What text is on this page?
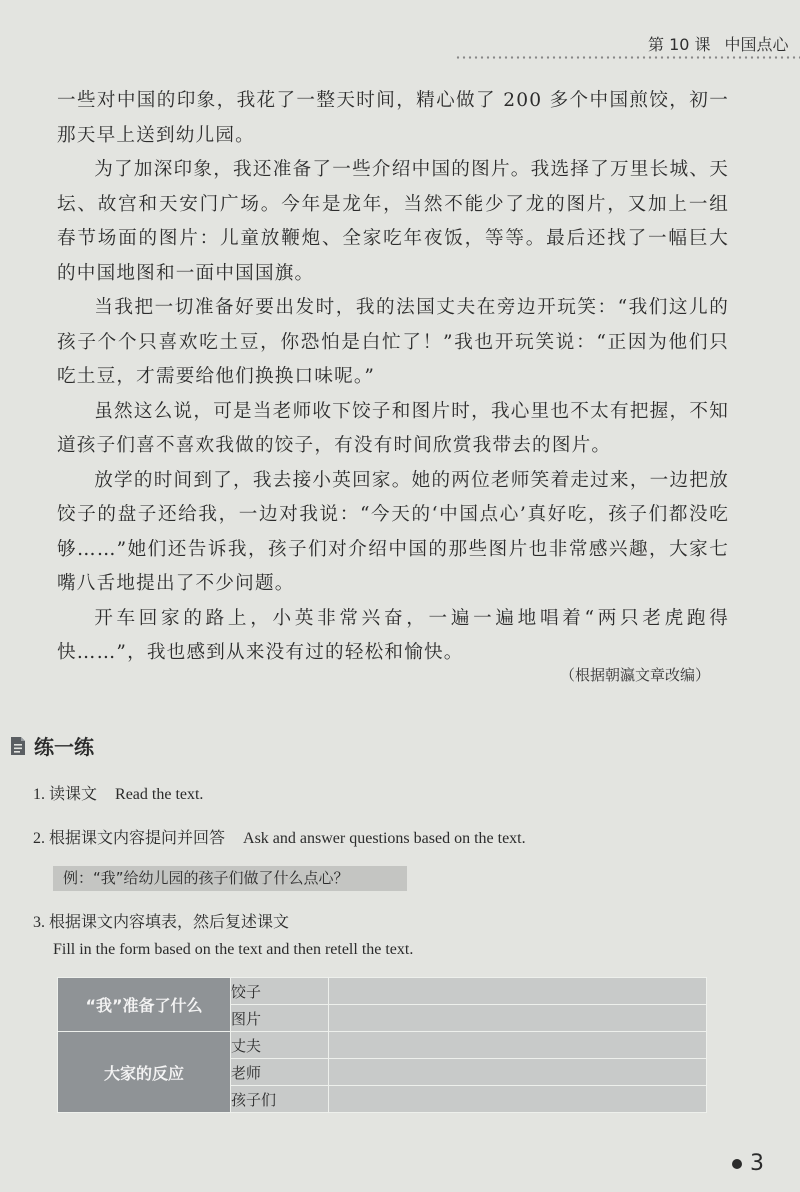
第 10 课 中国点心

一些对中国的印象，我花了一整天时间，精心做了 200 多个中国煎饺，初一那天早上送到幼儿园。

为了加深印象，我还准备了一些介绍中国的图片。我选择了万里长城、天坛、故宫和天安门广场。今年是龙年，当然不能少了龙的图片，又加上一组春节场面的图片：儿童放鞭炮、全家吃年夜饭，等等。最后还找了一幅巨大的中国地图和一面中国国旗。

当我把一切准备好要出发时，我的法国丈夫在旁边开玩笑：“我们这儿的孩子个个只喜欢吃土豆，你恐怕是白忙了！”我也开玩笑说：“正因为他们只吃土豆，才需要给他们换换口味呢。”

虽然这么说，可是当老师收下饺子和图片时，我心里也不太有把握，不知道孩子们喜不喜欢我做的饺子，有没有时间欣赏我带去的图片。

放学的时间到了，我去接小英回家。她的两位老师笑着走过来，一边把放饺子的盘子还给我，一边对我说：“今天的‘中国点心’真好吃，孩子们都没吃够……”她们还告诉我，孩子们对介绍中国的那些图片也非常感兴趣，大家七嘴八舌地提出了不少问题。

开车回家的路上，小英非常兴奋，一遍一遍地唱着“两只老虎跑得快……”，我也感到从来没有过的轻松和愉快。

（根据朝瀛文章改编）
练一练
1. 读课文 Read the text.
2. 根据课文内容提问并回答 Ask and answer questions based on the text.
例：“我”给幼儿园的孩子们做了什么点心？
3. 根据课文内容填表，然后复述课文
Fill in the form based on the text and then retell the text.
“我”准备了什么	饺子	
	图片	
大家的反应	丈夫	
	老师	
	孩子们	
3
